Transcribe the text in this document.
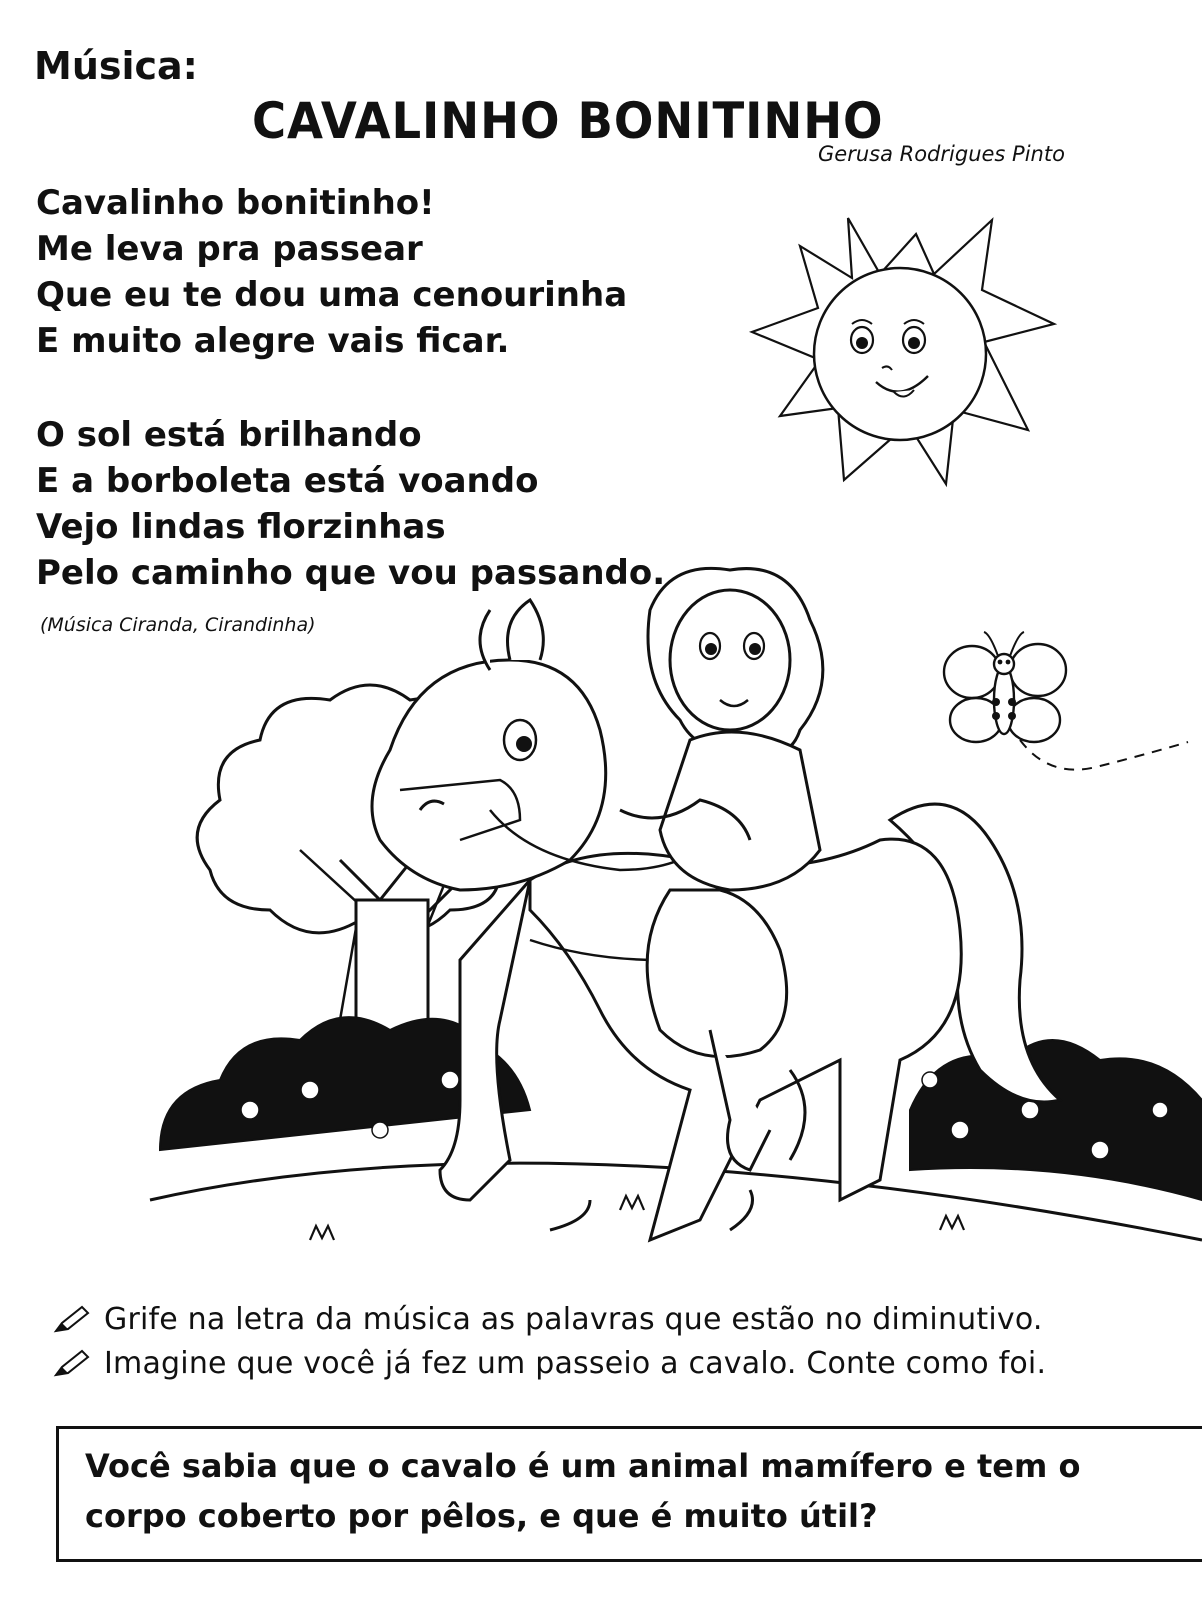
Música:
CAVALINHO BONITINHO
Gerusa Rodrigues Pinto
Cavalinho bonitinho!
Me leva pra passear
Que eu te dou uma cenourinha
E muito alegre vais ficar.
O sol está brilhando
E a borboleta está voando
Vejo lindas florzinhas
Pelo caminho que vou passando.
(Música Ciranda, Cirandinha)
Grife na letra da música as palavras que estão no diminutivo.
Imagine que você já fez um passeio a cavalo. Conte como foi.
Você sabia que o cavalo é um animal mamífero e tem o
corpo coberto por pêlos, e que é muito útil?
